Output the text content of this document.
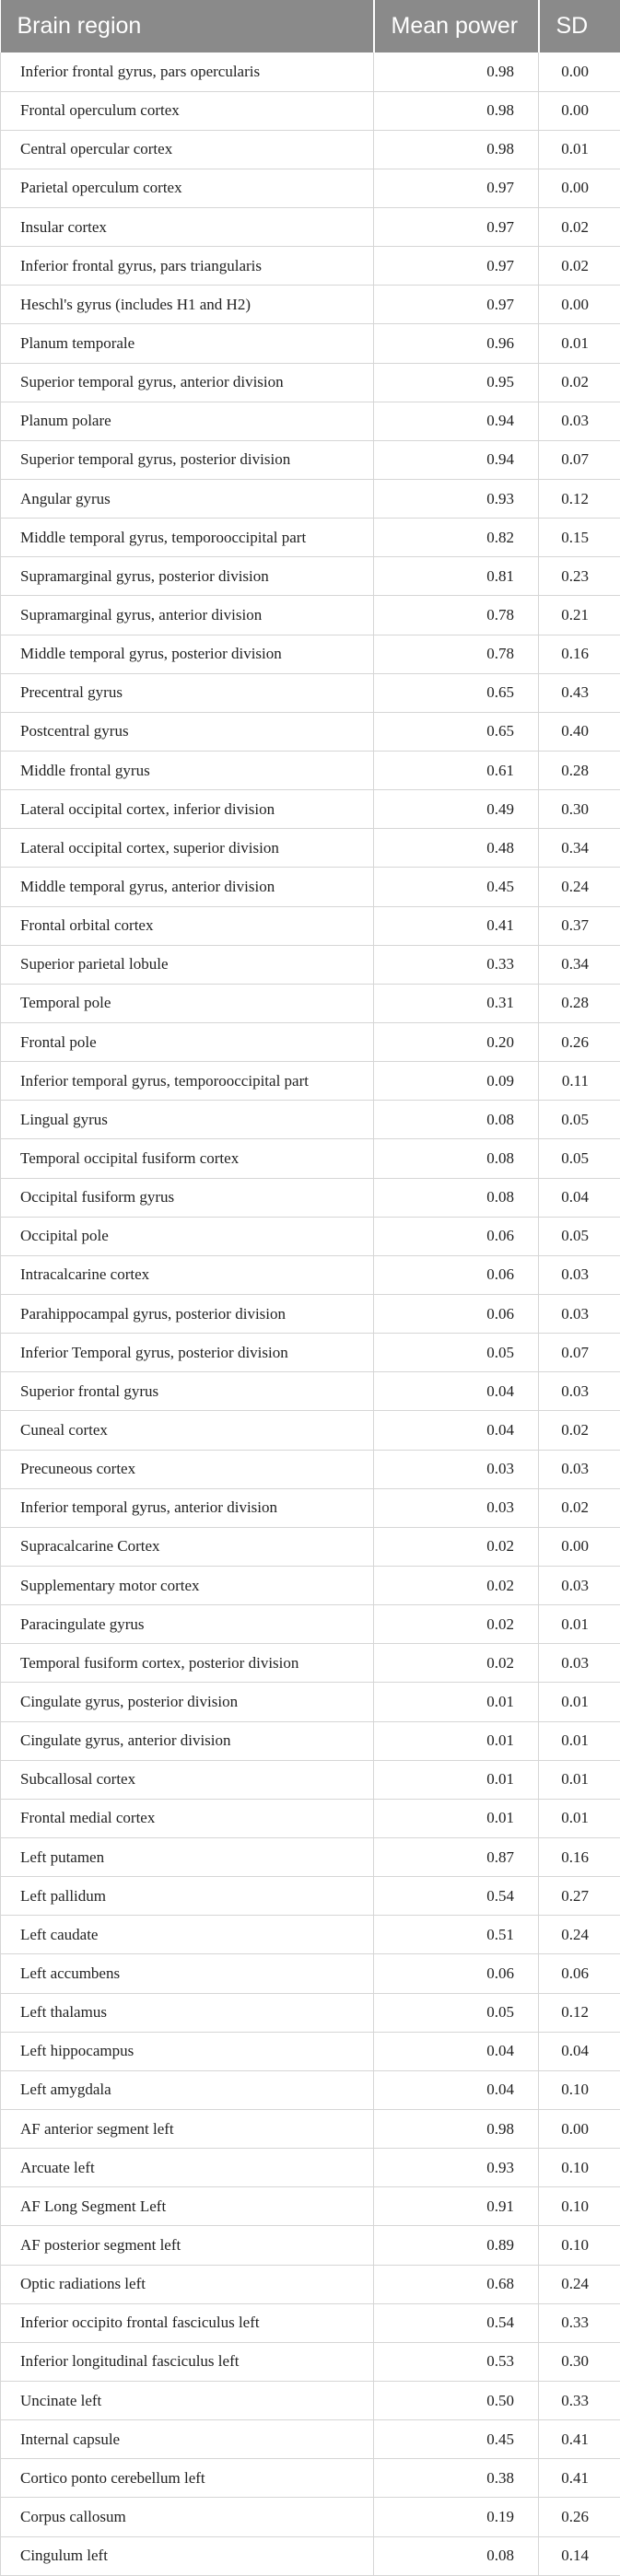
Brain region	Mean power	SD
Inferior frontal gyrus, pars opercularis	0.98	0.00
Frontal operculum cortex	0.98	0.00
Central opercular cortex	0.98	0.01
Parietal operculum cortex	0.97	0.00
Insular cortex	0.97	0.02
Inferior frontal gyrus, pars triangularis	0.97	0.02
Heschl's gyrus (includes H1 and H2)	0.97	0.00
Planum temporale	0.96	0.01
Superior temporal gyrus, anterior division	0.95	0.02
Planum polare	0.94	0.03
Superior temporal gyrus, posterior division	0.94	0.07
Angular gyrus	0.93	0.12
Middle temporal gyrus, temporooccipital part	0.82	0.15
Supramarginal gyrus, posterior division	0.81	0.23
Supramarginal gyrus, anterior division	0.78	0.21
Middle temporal gyrus, posterior division	0.78	0.16
Precentral gyrus	0.65	0.43
Postcentral gyrus	0.65	0.40
Middle frontal gyrus	0.61	0.28
Lateral occipital cortex, inferior division	0.49	0.30
Lateral occipital cortex, superior division	0.48	0.34
Middle temporal gyrus, anterior division	0.45	0.24
Frontal orbital cortex	0.41	0.37
Superior parietal lobule	0.33	0.34
Temporal pole	0.31	0.28
Frontal pole	0.20	0.26
Inferior temporal gyrus, temporooccipital part	0.09	0.11
Lingual gyrus	0.08	0.05
Temporal occipital fusiform cortex	0.08	0.05
Occipital fusiform gyrus	0.08	0.04
Occipital pole	0.06	0.05
Intracalcarine cortex	0.06	0.03
Parahippocampal gyrus, posterior division	0.06	0.03
Inferior Temporal gyrus, posterior division	0.05	0.07
Superior frontal gyrus	0.04	0.03
Cuneal cortex	0.04	0.02
Precuneous cortex	0.03	0.03
Inferior temporal gyrus, anterior division	0.03	0.02
Supracalcarine Cortex	0.02	0.00
Supplementary motor cortex	0.02	0.03
Paracingulate gyrus	0.02	0.01
Temporal fusiform cortex, posterior division	0.02	0.03
Cingulate gyrus, posterior division	0.01	0.01
Cingulate gyrus, anterior division	0.01	0.01
Subcallosal cortex	0.01	0.01
Frontal medial cortex	0.01	0.01
Left putamen	0.87	0.16
Left pallidum	0.54	0.27
Left caudate	0.51	0.24
Left accumbens	0.06	0.06
Left thalamus	0.05	0.12
Left hippocampus	0.04	0.04
Left amygdala	0.04	0.10
AF anterior segment left	0.98	0.00
Arcuate left	0.93	0.10
AF Long Segment Left	0.91	0.10
AF posterior segment left	0.89	0.10
Optic radiations left	0.68	0.24
Inferior occipito frontal fasciculus left	0.54	0.33
Inferior longitudinal fasciculus left	0.53	0.30
Uncinate left	0.50	0.33
Internal capsule	0.45	0.41
Cortico ponto cerebellum left	0.38	0.41
Corpus callosum	0.19	0.26
Cingulum left	0.08	0.14
